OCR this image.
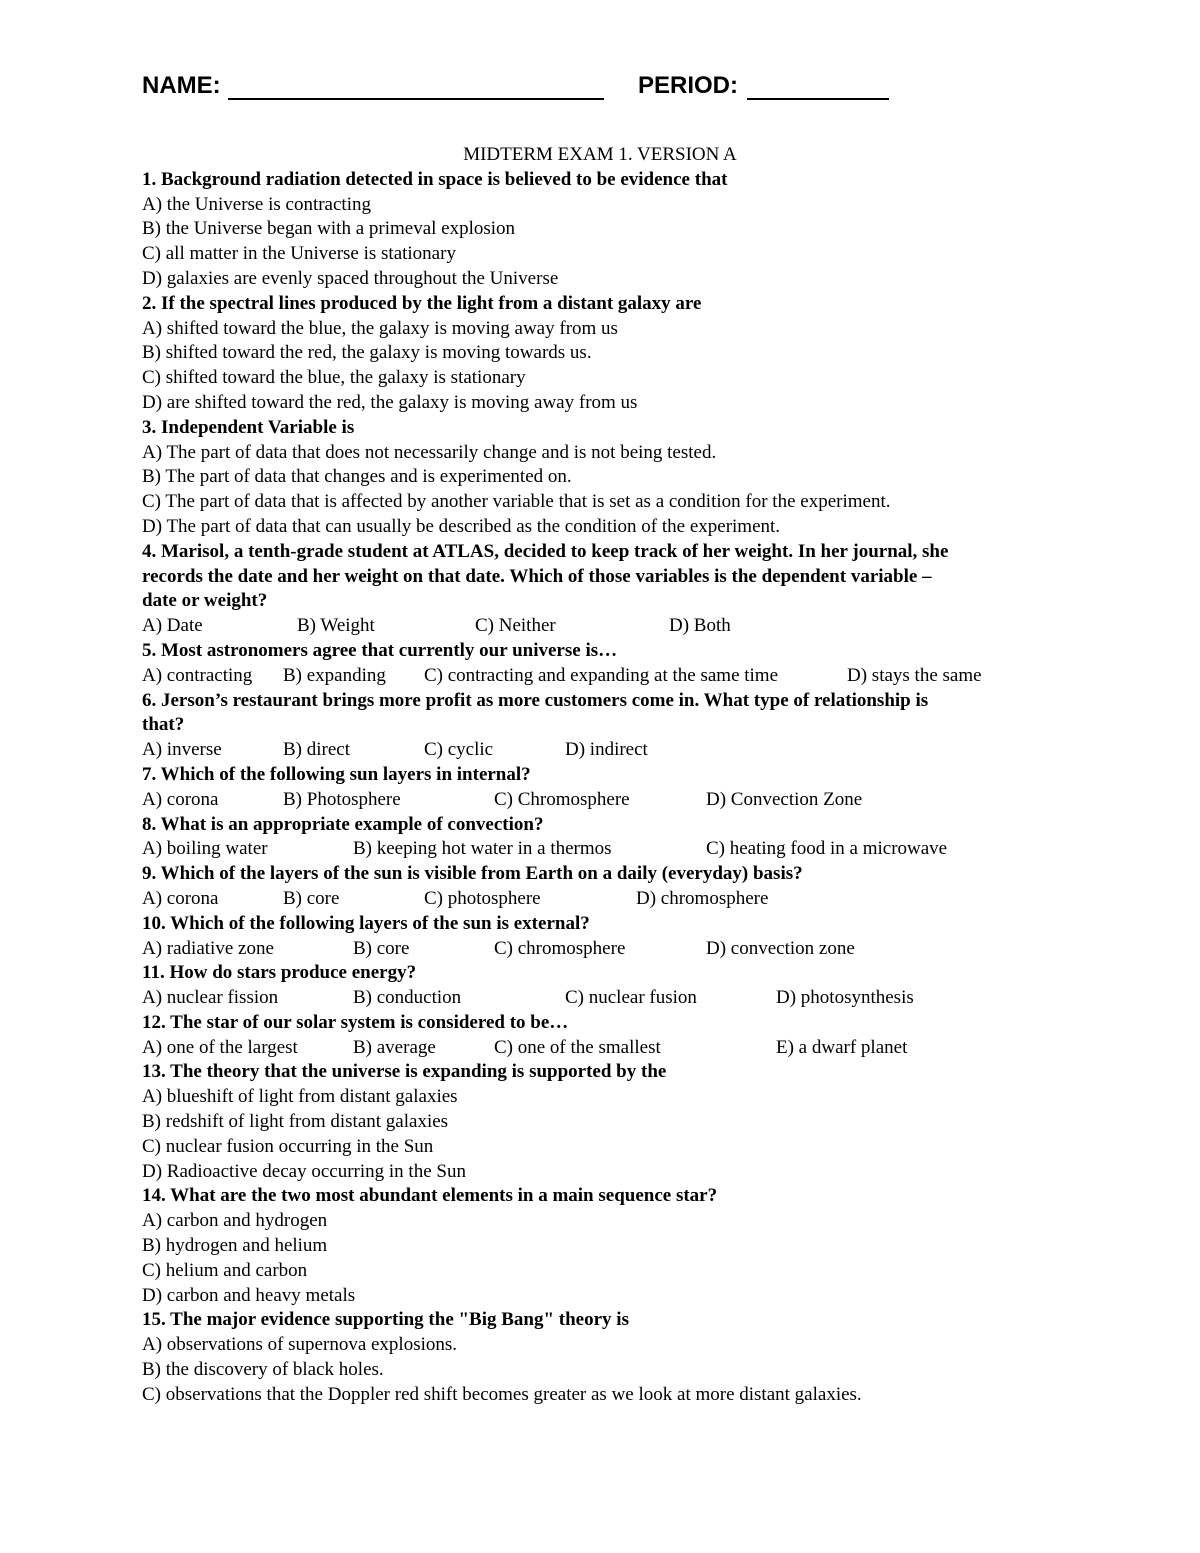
NAME:	PERIOD:
MIDTERM EXAM 1. VERSION A
1. Background radiation detected in space is believed to be evidence that
A) the Universe is contracting
B) the Universe began with a primeval explosion
C) all matter in the Universe is stationary
D) galaxies are evenly spaced throughout the Universe
2. If the spectral lines produced by the light from a distant galaxy are
A) shifted toward the blue, the galaxy is moving away from us
B) shifted toward the red, the galaxy is moving towards us.
C) shifted toward the blue, the galaxy is stationary
D) are shifted toward the red, the galaxy is moving away from us
3. Independent Variable is
A) The part of data that does not necessarily change and is not being tested.
B) The part of data that changes and is experimented on.
C) The part of data that is affected by another variable that is set as a condition for the experiment.
D) The part of data that can usually be described as the condition of the experiment.
4. Marisol, a tenth-grade student at ATLAS, decided to keep track of her weight. In her journal, she
records the date and her weight on that date. Which of those variables is the dependent variable –
date or weight?
A) Date	B) Weight	C) Neither	D) Both
5. Most astronomers agree that currently our universe is…
A) contracting B) expanding C) contracting and expanding at the same time	D) stays the same
6. Jerson’s restaurant brings more profit as more customers come in. What type of relationship is
that?
A) inverse	B) direct	C) cyclic	D) indirect
7. Which of the following sun layers in internal?
A) corona	B) Photosphere	C) Chromosphere	D) Convection Zone
8. What is an appropriate example of convection?
A) boiling water	B) keeping hot water in a thermos	C) heating food in a microwave
9. Which of the layers of the sun is visible from Earth on a daily (everyday) basis?
A) corona	B) core	C) photosphere	D) chromosphere
10. Which of the following layers of the sun is external?
A) radiative zone	B) core	C) chromosphere	D) convection zone
11. How do stars produce energy?
A) nuclear fission	B) conduction	C) nuclear fusion	D) photosynthesis
12. The star of our solar system is considered to be…
A) one of the largest	B) average	C) one of the smallest	E) a dwarf planet
13. The theory that the universe is expanding is supported by the
A) blueshift of light from distant galaxies
B) redshift of light from distant galaxies
C) nuclear fusion occurring in the Sun
D) Radioactive decay occurring in the Sun
14. What are the two most abundant elements in a main sequence star?
A) carbon and hydrogen
B) hydrogen and helium
C) helium and carbon
D) carbon and heavy metals
15. The major evidence supporting the "Big Bang" theory is
A) observations of supernova explosions.
B) the discovery of black holes.
C) observations that the Doppler red shift becomes greater as we look at more distant galaxies.
